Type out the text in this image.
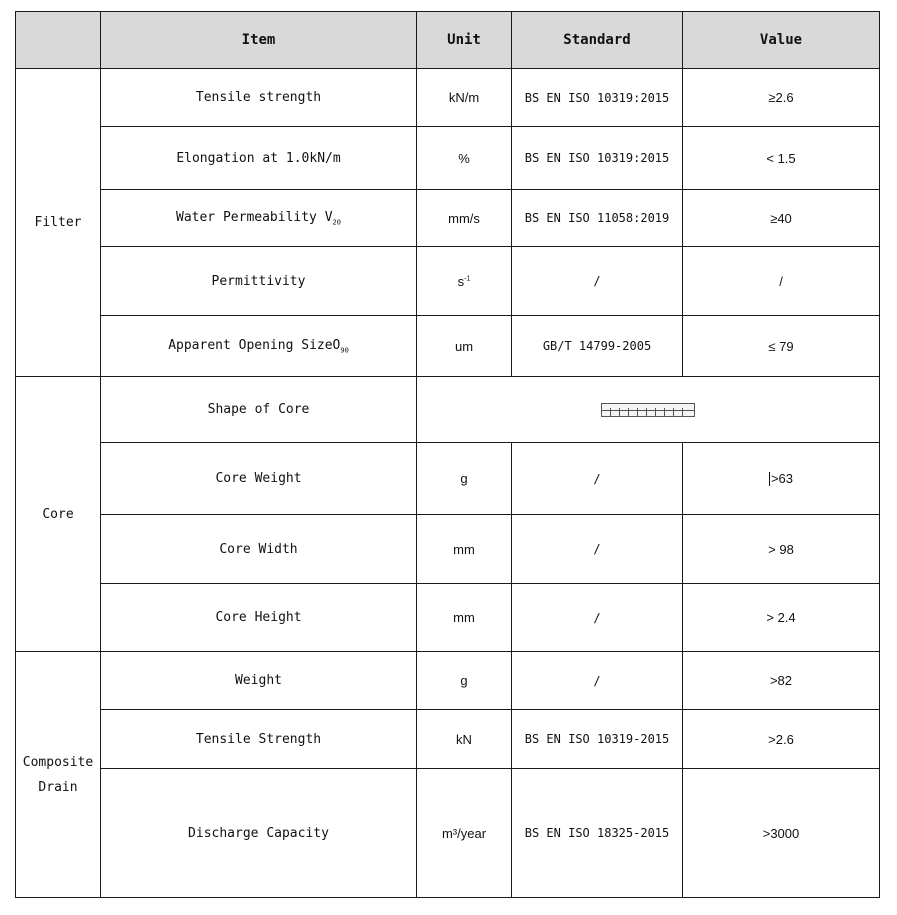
	Item	Unit	Standard	Value
Filter	Tensile strength	kN/m	BS EN ISO 10319:2015	≥2.6
	Elongation at 1.0kN/m	%	BS EN ISO 10319:2015	< 1.5
	Water Permeability $V_{20}$	mm/s	BS EN ISO 11058:2019	≥40
	Permittivity	$s^{-1}$	/	/
	Apparent Opening SizeO$_{90}$	um	GB/T 14799-2005	≤ 79
Core	Shape of Core			

	Core Weight	g	/	>63
	Core Width	mm	/	> 98
	Core Height	mm	/	> 2.4
Composite
Drain	Weight	g	/	>82
	Tensile Strength	kN	BS EN ISO 10319-2015	>2.6
	Discharge Capacity	m³/year	BS EN ISO 18325-2015	>3000
